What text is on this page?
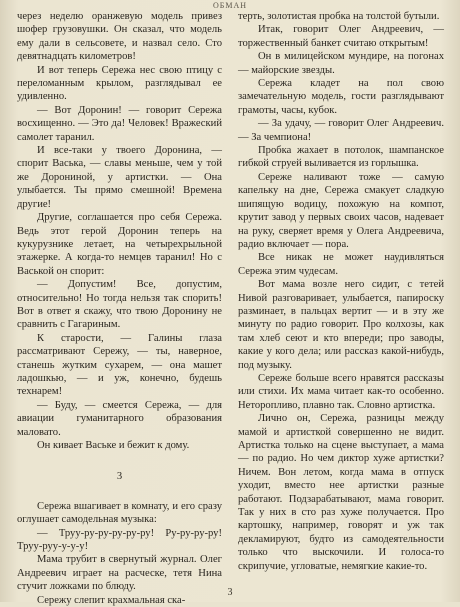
ОБМАН

через неделю оранжевую модель привез шофер грузовушки. Он сказал, что модель ему дали в сельсовете, и назвал село. Сто девятнадцать километров!

И вот теперь Сережа нес свою птицу с переломанным крылом, разглядывал ее удивленно.

— Вот Доронин! — говорит Сережа восхищенно. — Это да! Человек! Вражеский самолет таранил.

И все-таки у твоего Доронина, — спорит Васька, — славы меньше, чем у той же Дорониной, у артистки. — Она улыбается. Ты прямо смешной! Времена другие!

Другие, соглашается про себя Сережа. Ведь этот герой Доронин теперь на кукурузнике летает, на четырехрыльной этажерке. А когда-то немцев таранил! Но с Васькой он спорит:

— Допустим! Все, допустим, относительно! Но тогда нельзя так спорить! Вот в ответ я скажу, что твою Доронину не сравнить с Гагариным.

К старости, — Галины глаза рассматривают Сережу, — ты, наверное, станешь жутким сухарем, — она машет ладошкью, — и уж, конечно, будешь технарем!

— Буду, — смеется Сережа, — для авиации гуманитарного образования маловато.

Он кивает Ваське и бежит к дому.

3

Сережа вшагивает в комнату, и его сразу оглушает самодельная музыка:

— Труу-ру-ру-ру-ру-ру! Ру-ру-ру-ру! Труу-руу-у-у-у!

Мама трубит в свернутый журнал. Олег Андреевич играет на расческе, тетя Нина стучит ложками по блюду.

Сережу слепит крахмальная ска-

терть, золотистая пробка на толстой бутыли.

Итак, говорит Олег Андреевич, — торжественный банкет считаю открытым!

Он в милицейском мундире, на погонах — майорские звезды.

Сережа кладет на пол свою замечательную модель, гости разглядывают грамоты, часы, кубок.

— За удачу, — говорит Олег Андреевич. — За чемпиона!

Пробка жахает в потолок, шампанское гибкой струей выливается из горлышка.

Сереже наливают тоже — самую капельку на дне, Сережа смакует сладкую шипящую водицу, похожую на компот, крутит завод у первых своих часов, надевает на руку, сверяет время у Олега Андреевича, радио включает — пора.

Все никак не может наудивляться Сережа этим чудесам.

Вот мама возле него сидит, с тетей Нивой разговаривает, улыбается, папироску разминает, в пальцах вертит — и в эту же минуту по радио говорит. Про колхозы, как там хлеб сеют и кто впереди; про заводы, какие у кого дела; или рассказ какой-нибудь, под музыку.

Сереже больше всего нравятся рассказы или стихи. Их мама читает как-то особенно. Неторопливо, плавно так. Словно артистка.

Лично он, Сережа, разницы между мамой и артисткой совершенно не видит. Артистка только на сцене выступает, а мама — по радио. Но чем диктор хуже артистки? Ничем. Вон летом, когда мама в отпуск уходит, вместо нее артистки разные работают. Подзарабатывают, мама говорит. Так у них в сто раз хуже получается. Про картошку, например, говорят и уж так декламируют, будто из самодеятельности только что выскочили. И голоса-то скрипучие, угловатые, немягкие какие-то.

3
